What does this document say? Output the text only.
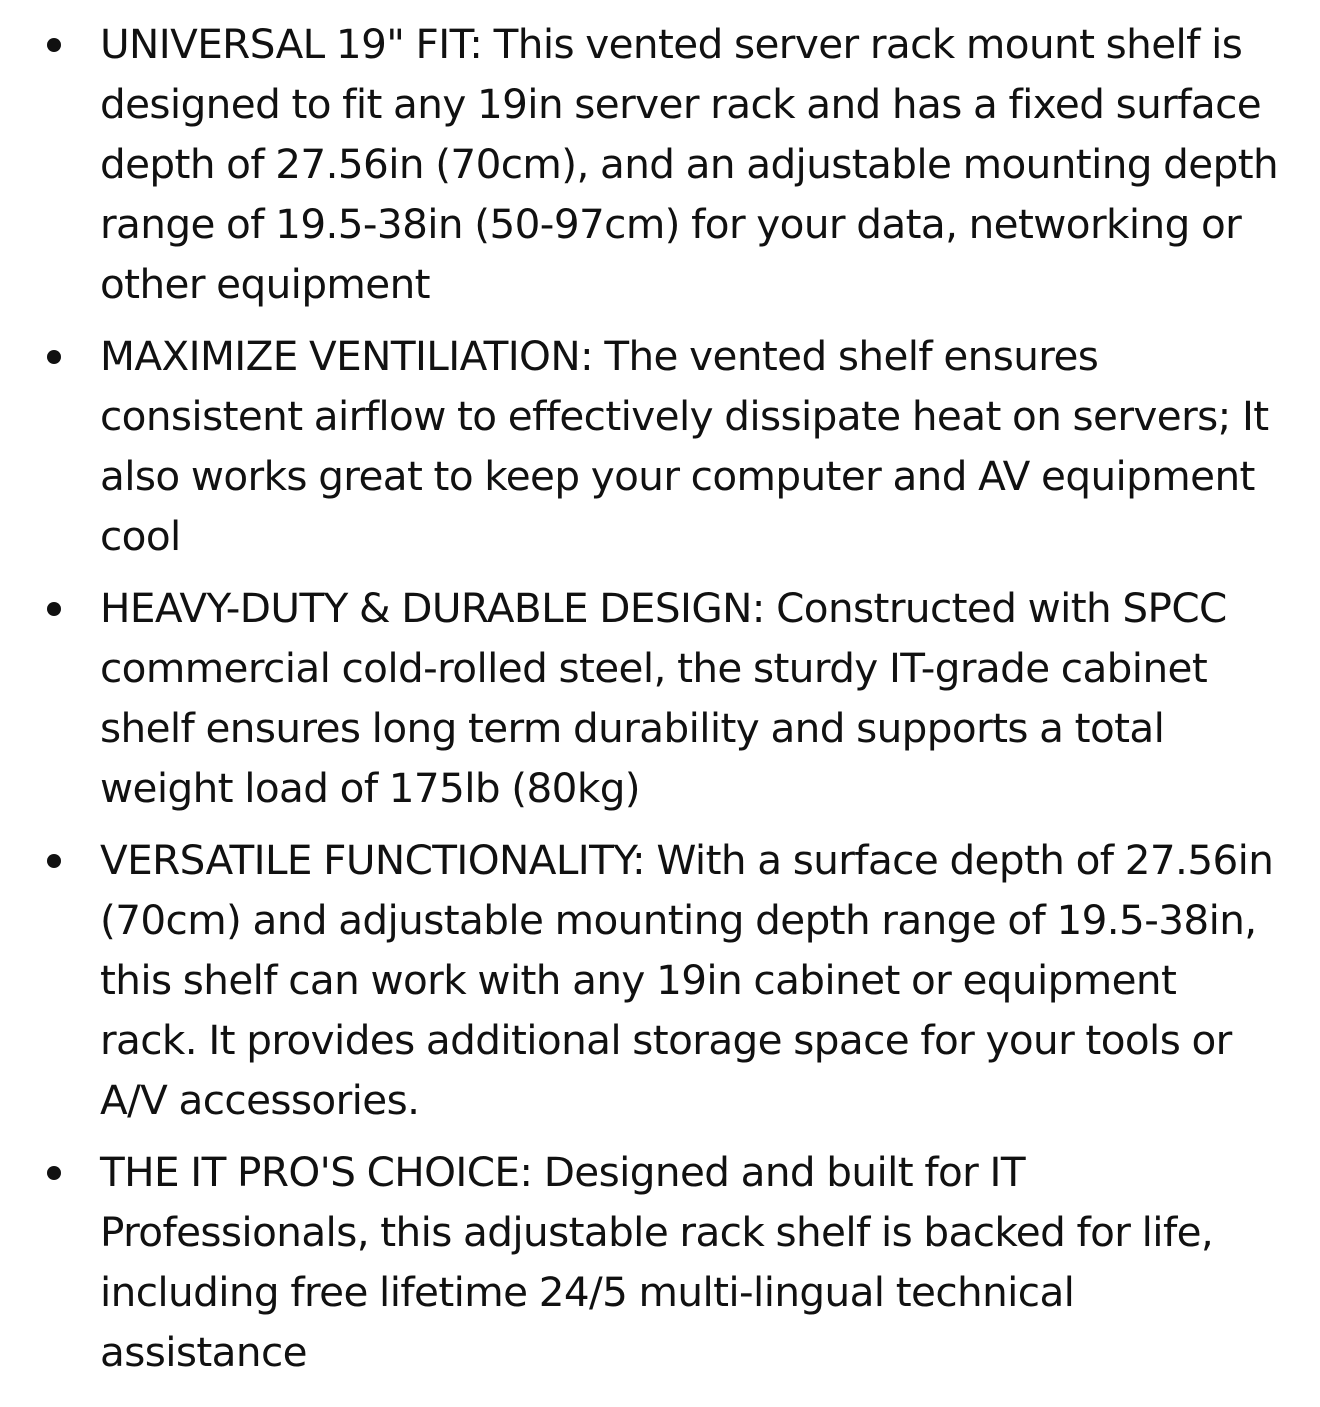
UNIVERSAL 19" FIT: This vented server rack mount shelf is designed to fit any 19in server rack and has a fixed surface depth of 27.56in (70cm), and an adjustable mounting depth range of 19.5-38in (50-97cm) for your data, networking or other equipment
MAXIMIZE VENTILIATION: The vented shelf ensures consistent airflow to effectively dissipate heat on servers; It also works great to keep your computer and AV equipment cool
HEAVY-DUTY & DURABLE DESIGN: Constructed with SPCC commercial cold-rolled steel, the sturdy IT-grade cabinet shelf ensures long term durability and supports a total weight load of 175lb (80kg)
VERSATILE FUNCTIONALITY: With a surface depth of 27.56in (70cm) and adjustable mounting depth range of 19.5-38in, this shelf can work with any 19in cabinet or equipment rack. It provides additional storage space for your tools or A/V accessories.
THE IT PRO'S CHOICE: Designed and built for IT Professionals, this adjustable rack shelf is backed for life, including free lifetime 24/5 multi-lingual technical assistance
